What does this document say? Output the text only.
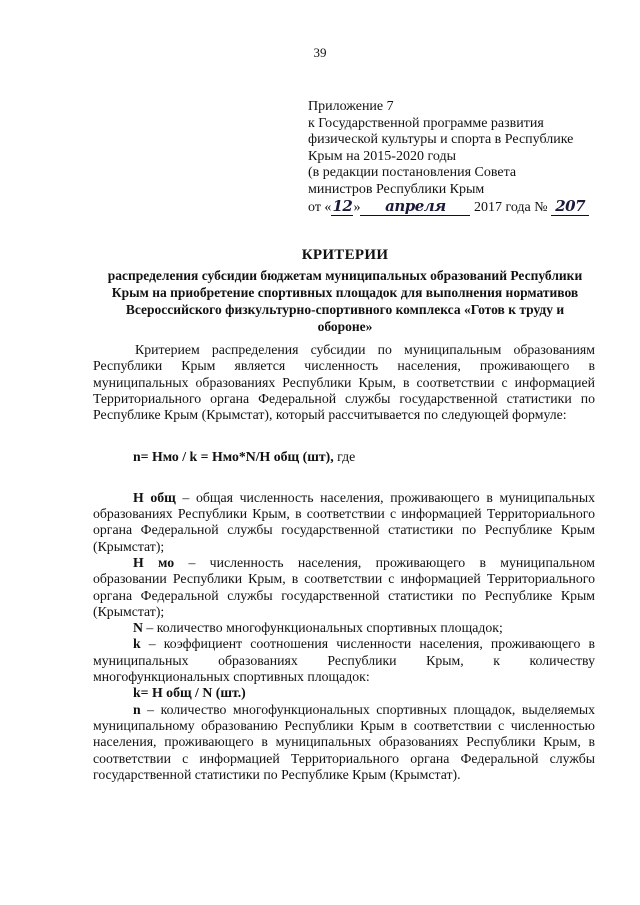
39
Приложение 7
к Государственной программе развития
физической культуры и спорта в Республике
Крым на 2015-2020 годы
(в редакции постановления Совета
министров Республики Крым
от «12» апреля 2017 года № 207
КРИТЕРИИ
распределения субсидии бюджетам муниципальных образований Республики Крым на приобретение спортивных площадок для выполнения нормативов Всероссийского физкультурно-спортивного комплекса «Готов к труду и обороне»

Критерием распределения субсидии по муниципальным образованиям Республики Крым является численность населения, проживающего в муниципальных образованиях Республики Крым, в соответствии с информацией Территориального органа Федеральной службы государственной статистики по Республике Крым (Крымстат), который рассчитывается по следующей формуле:

n= Нмо / k = Нмо*N/Н общ (шт), где

Н общ – общая численность населения, проживающего в муниципальных образованиях Республики Крым, в соответствии с информацией Территориального органа Федеральной службы государственной статистики по Республике Крым (Крымстат);

Н мо – численность населения, проживающего в муниципальном образовании Республики Крым, в соответствии с информацией Территориального органа Федеральной службы государственной статистики по Республике Крым (Крымстат);

N – количество многофункциональных спортивных площадок;

k – коэффициент соотношения численности населения, проживающего в муниципальных образованиях Республики Крым, к количеству многофункциональных спортивных площадок:

k= Н общ / N (шт.)

n – количество многофункциональных спортивных площадок, выделяемых муниципальному образованию Республики Крым в соответствии с численностью населения, проживающего в муниципальных образованиях Республики Крым, в соответствии с информацией Территориального органа Федеральной службы государственной статистики по Республике Крым (Крымстат).
